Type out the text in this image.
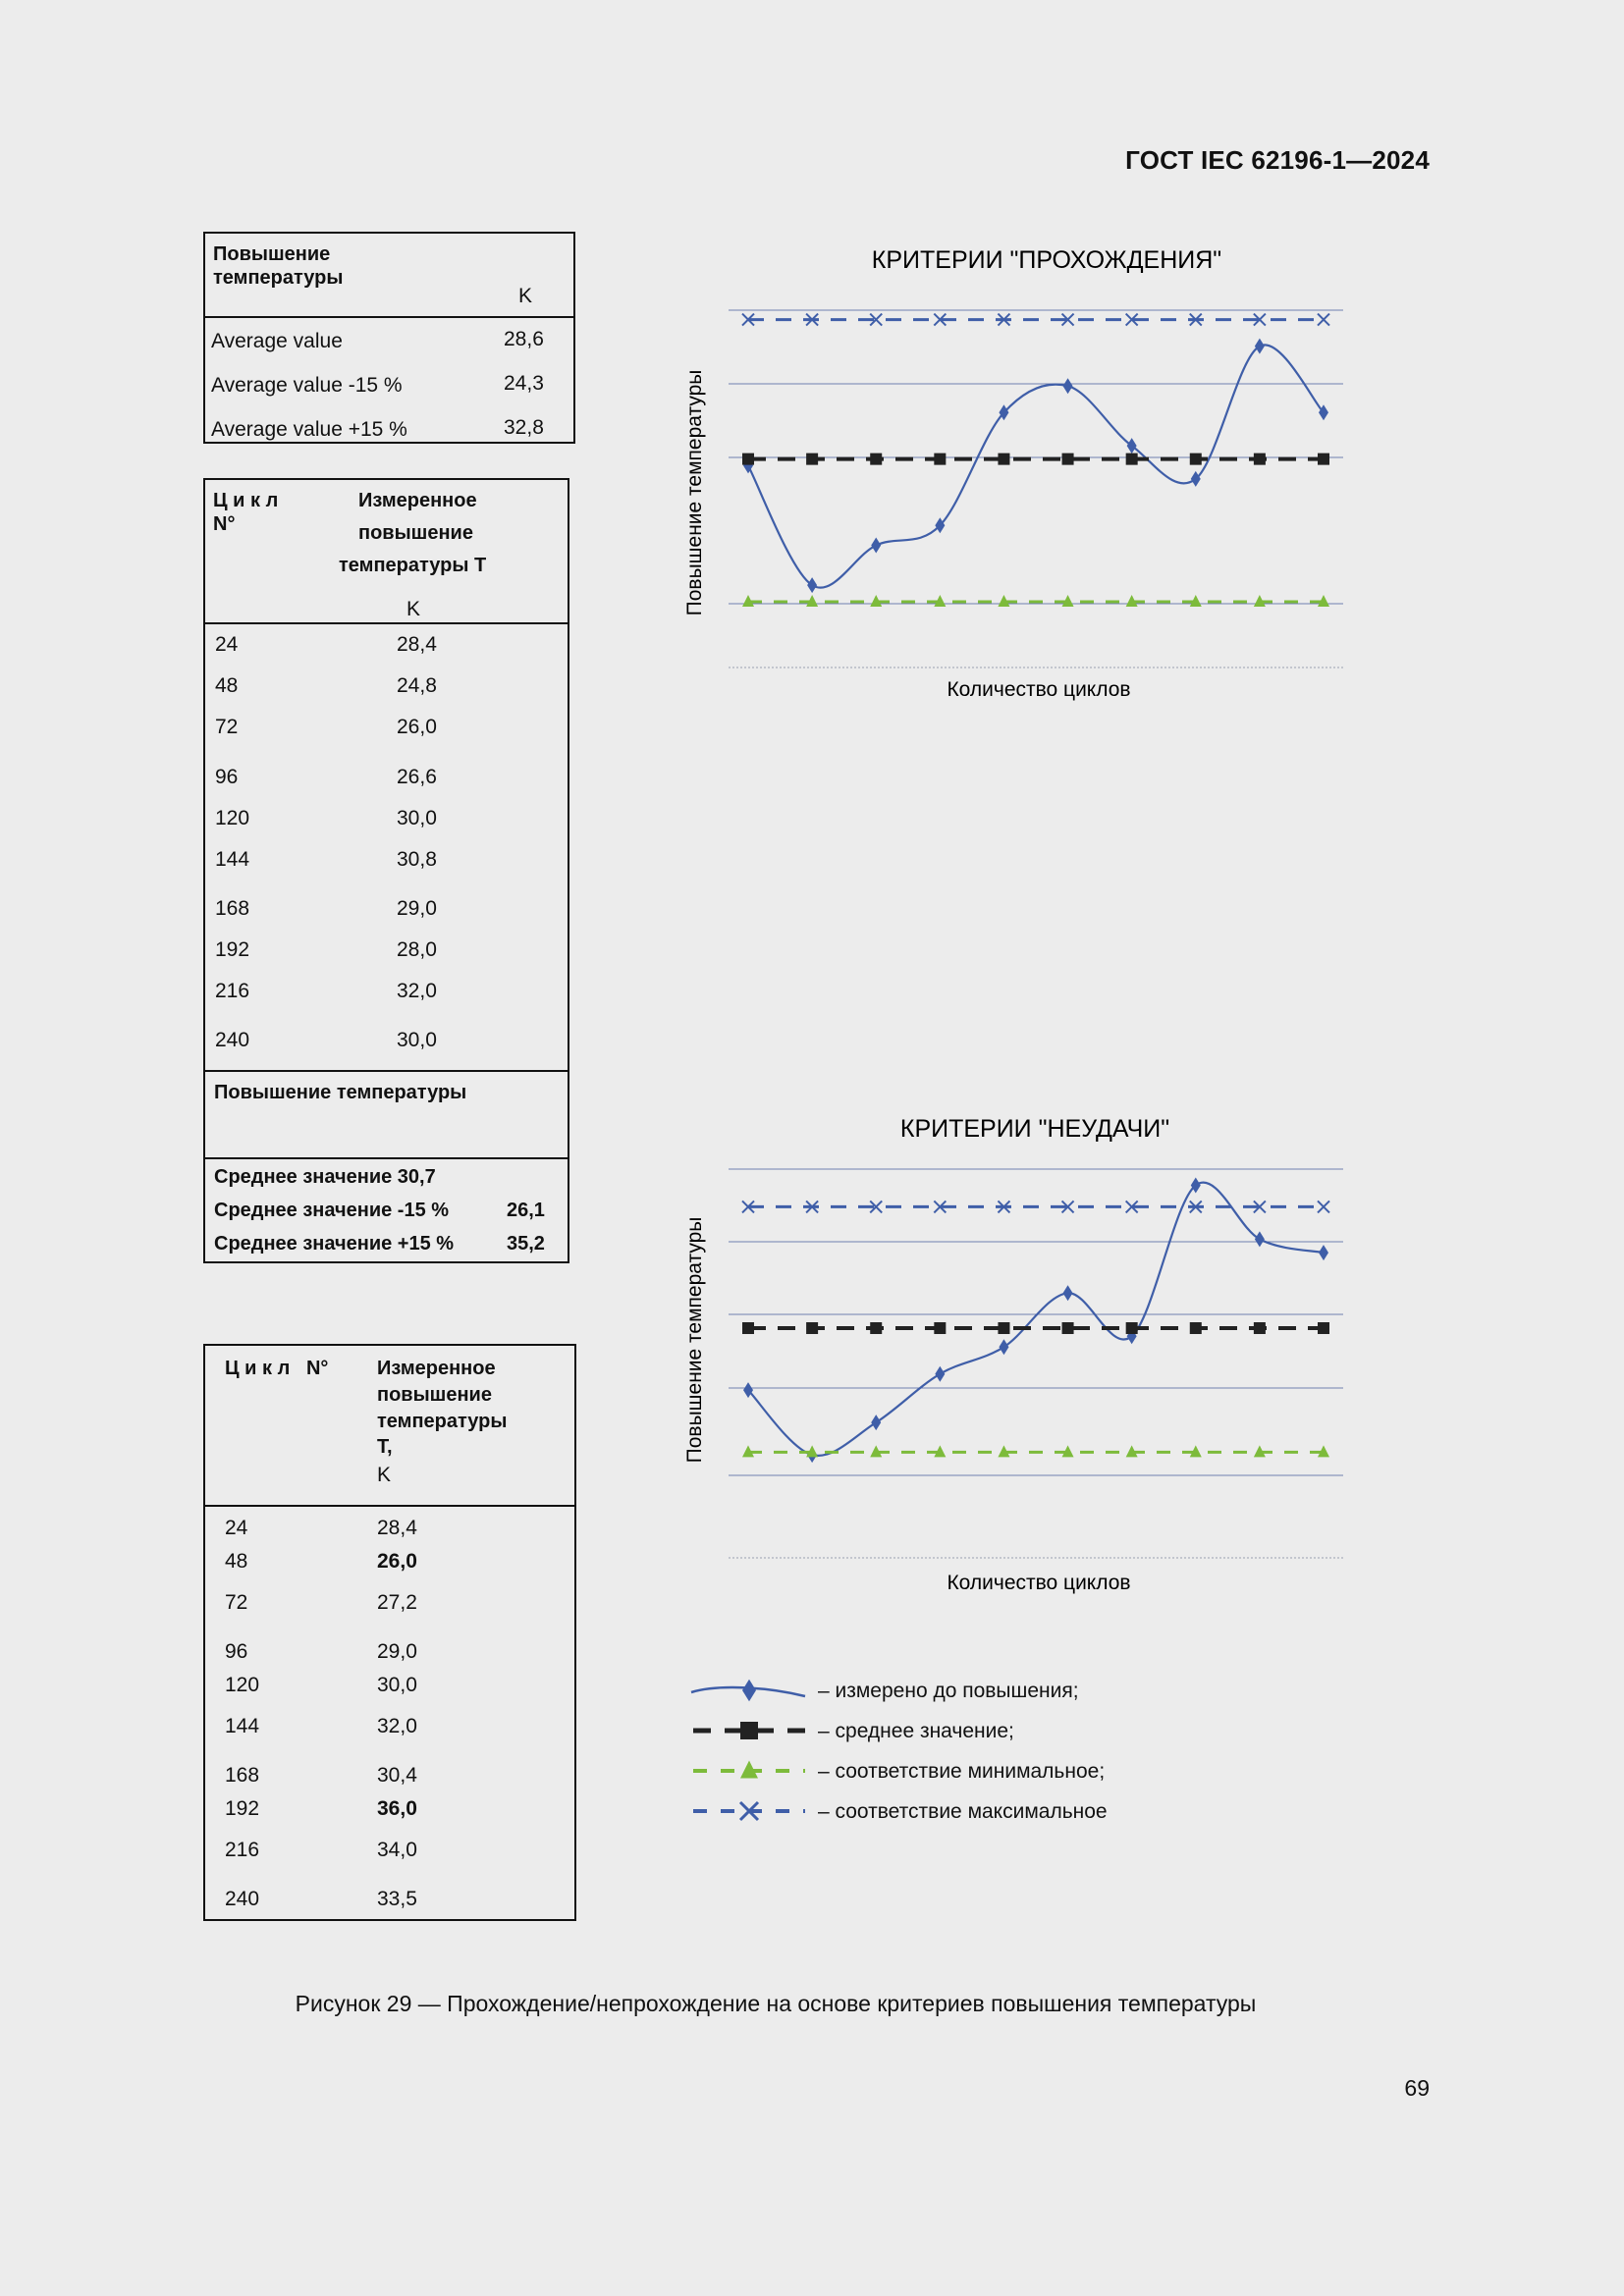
ГОСТ IEC 62196-1—2024
Повышение
температуры
K
Average value	28,6
Average value -15 %	24,3
Average value +15 %	32,8
Ц и к л
N°
Измеренное
повышение
температуры T
K
24	28,4
48	24,8
72	26,0
96	26,6
120	30,0
144	30,8
168	29,0
192	28,0
216	32,0
240	30,0
Повышение температуры
Среднее значение 30,7
Среднее значение -15 %	26,1
Среднее значение +15 %	35,2
Ц и к л   N° Измеренное
повышение
температуры
T,
K
24	28,4
48	26,0
72	27,2
96	29,0
120	30,0
144	32,0
168	30,4
192	36,0
216	34,0
240	33,5
КРИТЕРИИ "ПРОХОЖДЕНИЯ"
Повышение температуры
Количество циклов
КРИТЕРИИ "НЕУДАЧИ"
Повышение температуры
Количество циклов
– измерено до повышения;
– среднее значение;
– соответствие минимальное;
– соответствие максимальное
Рисунок 29 — Прохождение/непрохождение на основе критериев повышения температуры
69
